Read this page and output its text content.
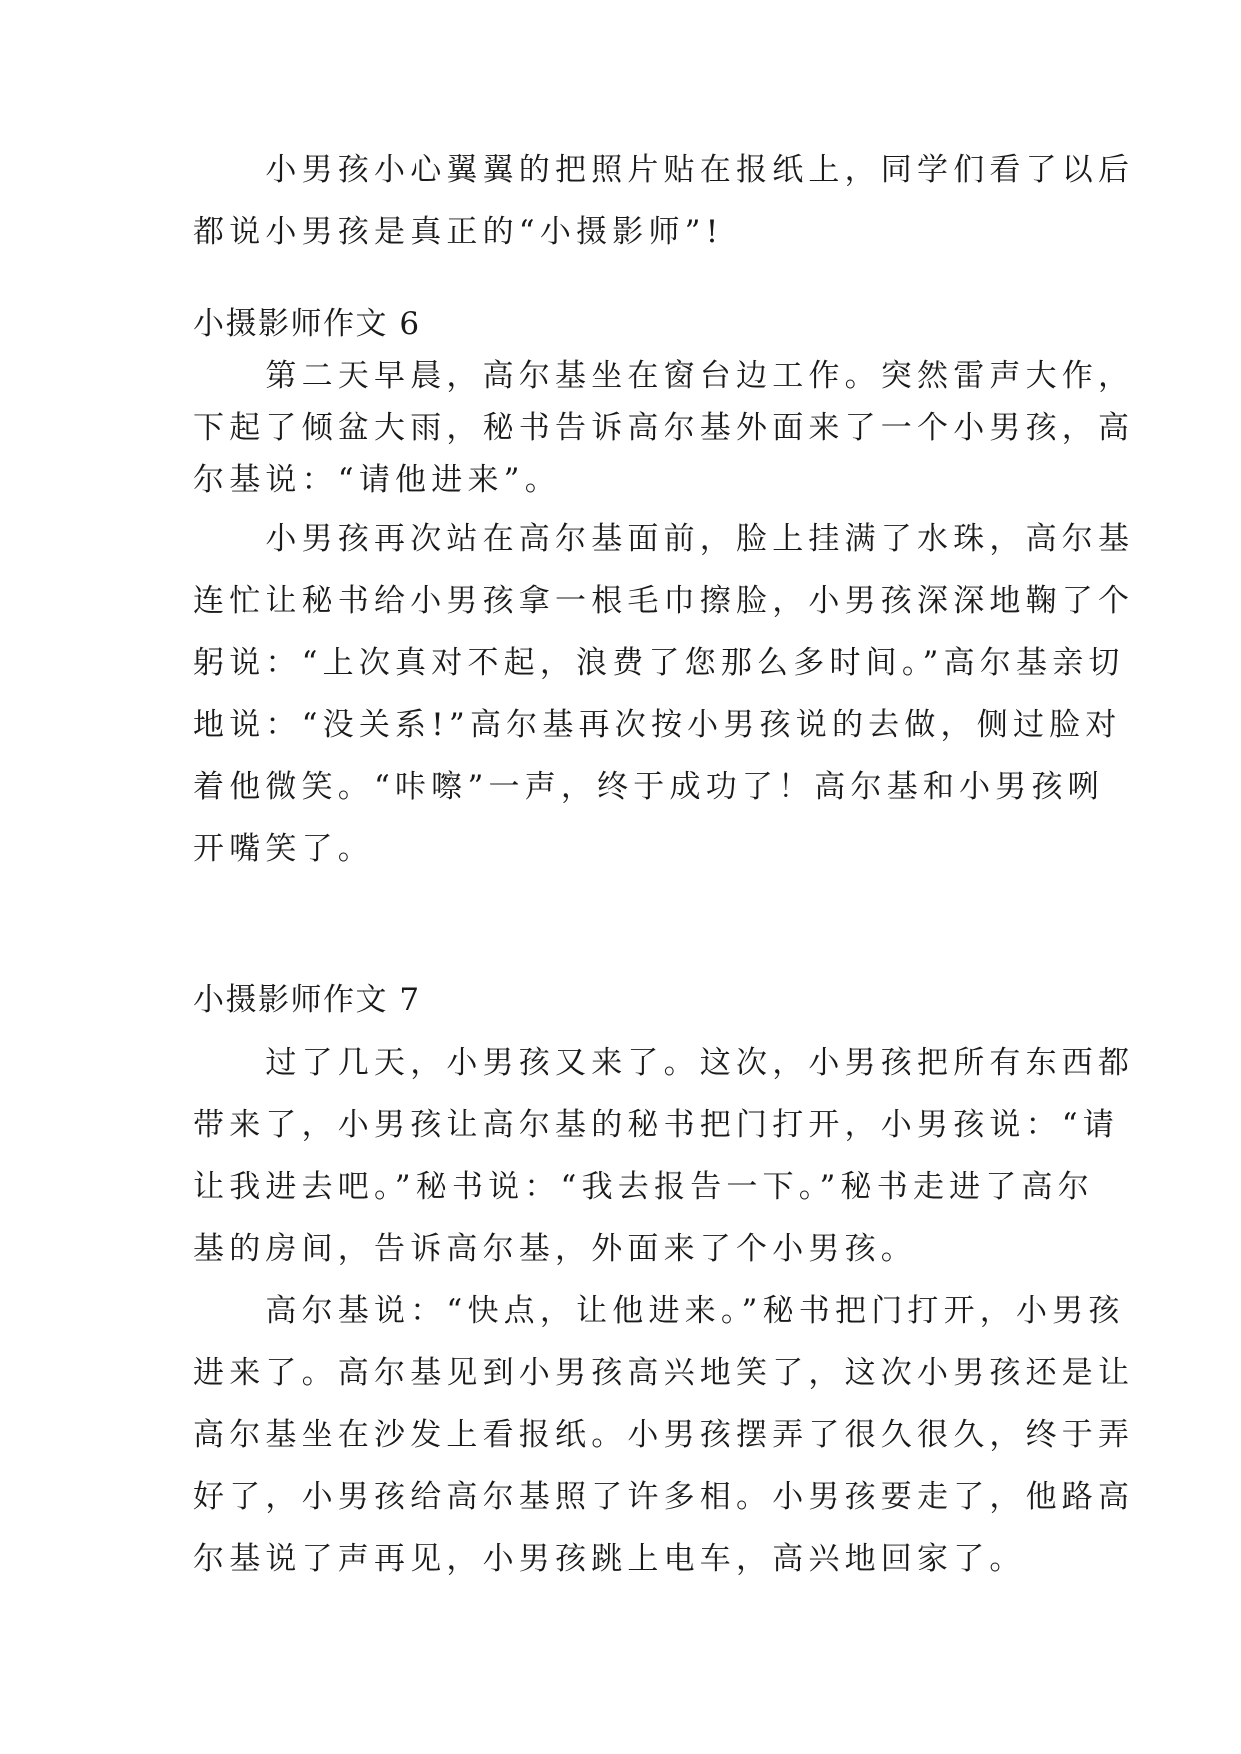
　　小男孩小心翼翼的把照片贴在报纸上，同学们看了以后
都说小男孩是真正的“小摄影师”!
小摄影师作文 6
　　第二天早晨，高尔基坐在窗台边工作。突然雷声大作，
下起了倾盆大雨，秘书告诉高尔基外面来了一个小男孩，高
尔基说：“请他进来”。
　　小男孩再次站在高尔基面前，脸上挂满了水珠，高尔基
连忙让秘书给小男孩拿一根毛巾擦脸，小男孩深深地鞠了个
躬说：“上次真对不起，浪费了您那么多时间。”高尔基亲切
地说：“没关系!”高尔基再次按小男孩说的去做，侧过脸对
着他微笑。“咔嚓”一声，终于成功了！高尔基和小男孩咧
开嘴笑了。
小摄影师作文 7
　　过了几天，小男孩又来了。这次，小男孩把所有东西都
带来了，小男孩让高尔基的秘书把门打开，小男孩说：“请
让我进去吧。”秘书说：“我去报告一下。”秘书走进了高尔
基的房间，告诉高尔基，外面来了个小男孩。
　　高尔基说：“快点，让他进来。”秘书把门打开，小男孩
进来了。高尔基见到小男孩高兴地笑了，这次小男孩还是让
高尔基坐在沙发上看报纸。小男孩摆弄了很久很久，终于弄
好了，小男孩给高尔基照了许多相。小男孩要走了，他路高
尔基说了声再见，小男孩跳上电车，高兴地回家了。
